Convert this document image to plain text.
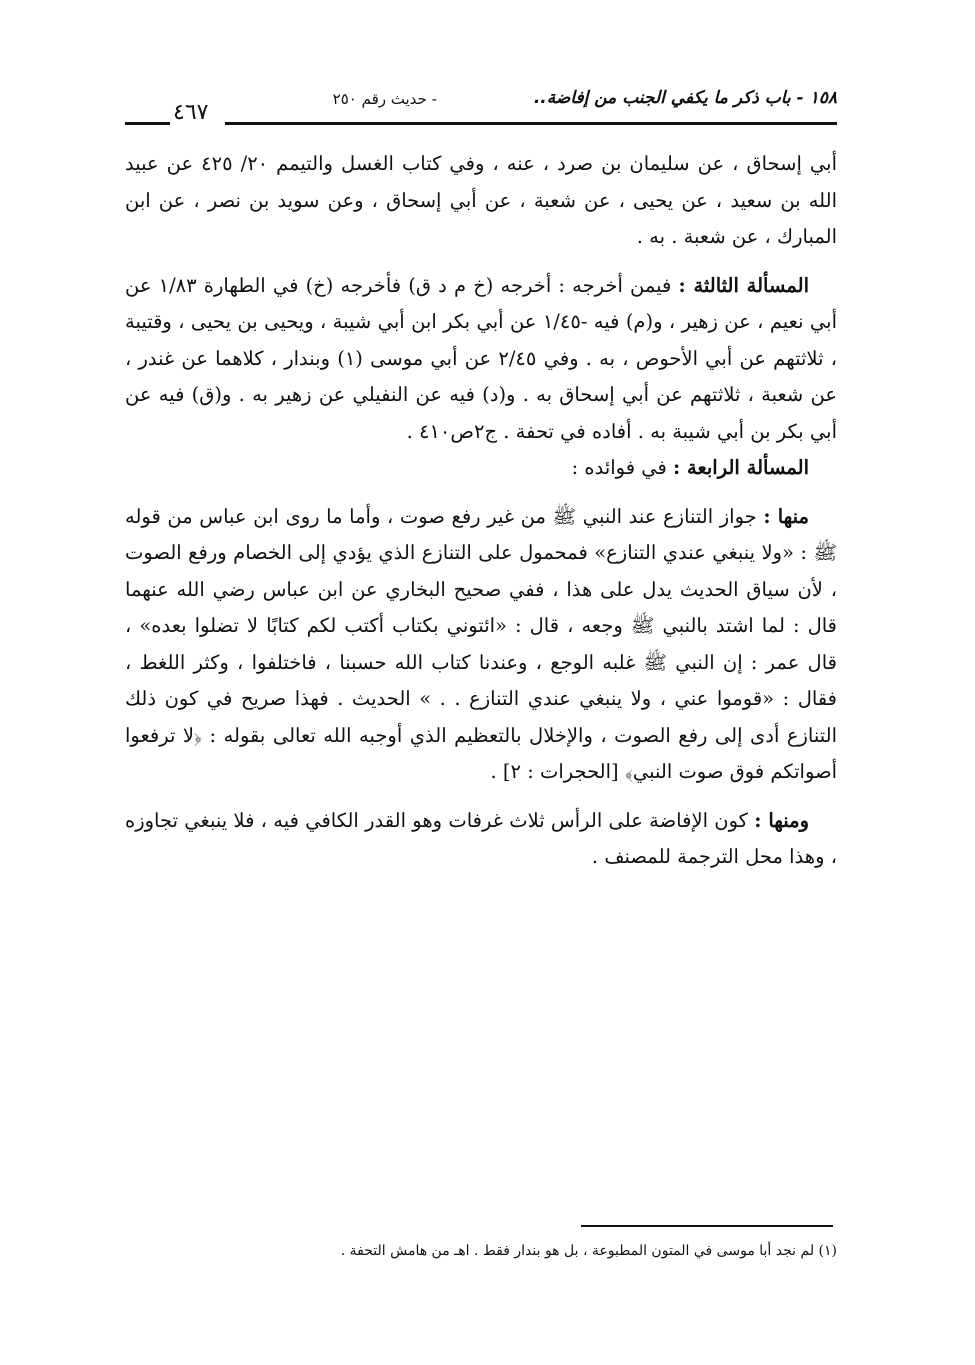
١٥٨ - باب ذكر ما يكفي الجنب من إفاضة..
- حديث رقم ٢٥٠
٤٦٧

أبي إسحاق ، عن سليمان بن صرد ، عنه ، وفي كتاب الغسل والتيمم ٢٠/ ٤٢٥ عن عبيد الله بن سعيد ، عن يحيى ، عن شعبة ، عن أبي إسحاق ، وعن سويد بن نصر ، عن ابن المبارك ، عن شعبة . به .

المسألة الثالثة : فيمن أخرجه : أخرجه (خ م د ق) فأخرجه (خ) في الطهارة ١/٨٣ عن أبي نعيم ، عن زهير ، و(م) فيه -١/٤٥ عن أبي بكر ابن أبي شيبة ، ويحيى بن يحيى ، وقتيبة ، ثلاثتهم عن أبي الأحوص ، به . وفي ٢/٤٥ عن أبي موسى (١) وبندار ، كلاهما عن غندر ، عن شعبة ، ثلاثتهم عن أبي إسحاق به . و(د) فيه عن النفيلي عن زهير به . و(ق) فيه عن أبي بكر بن أبي شيبة به . أفاده في تحفة . ج٢ص٤١٠ .

المسألة الرابعة : في فوائده :

منها : جواز التنازع عند النبي ﷺ من غير رفع صوت ، وأما ما روى ابن عباس من قوله ﷺ : «ولا ينبغي عندي التنازع» فمحمول على التنازع الذي يؤدي إلى الخصام ورفع الصوت ، لأن سياق الحديث يدل على هذا ، ففي صحيح البخاري عن ابن عباس رضي الله عنهما قال : لما اشتد بالنبي ﷺ وجعه ، قال : «ائتوني بكتاب أكتب لكم كتابًا لا تضلوا بعده» ، قال عمر : إن النبي ﷺ غلبه الوجع ، وعندنا كتاب الله حسبنا ، فاختلفوا ، وكثر اللغط ، فقال : «قوموا عني ، ولا ينبغي عندي التنازع . . » الحديث . فهذا صريح في كون ذلك التنازع أدى إلى رفع الصوت ، والإخلال بالتعظيم الذي أوجبه الله تعالى بقوله : ﴿لا ترفعوا أصواتكم فوق صوت النبي﴾ [الحجرات : ٢] .

ومنها : كون الإفاضة على الرأس ثلاث غرفات وهو القدر الكافي فيه ، فلا ينبغي تجاوزه ، وهذا محل الترجمة للمصنف .

(١) لم نجد أبا موسى في المتون المطبوعة ، بل هو بندار فقط . اهـ من هامش التحفة .
